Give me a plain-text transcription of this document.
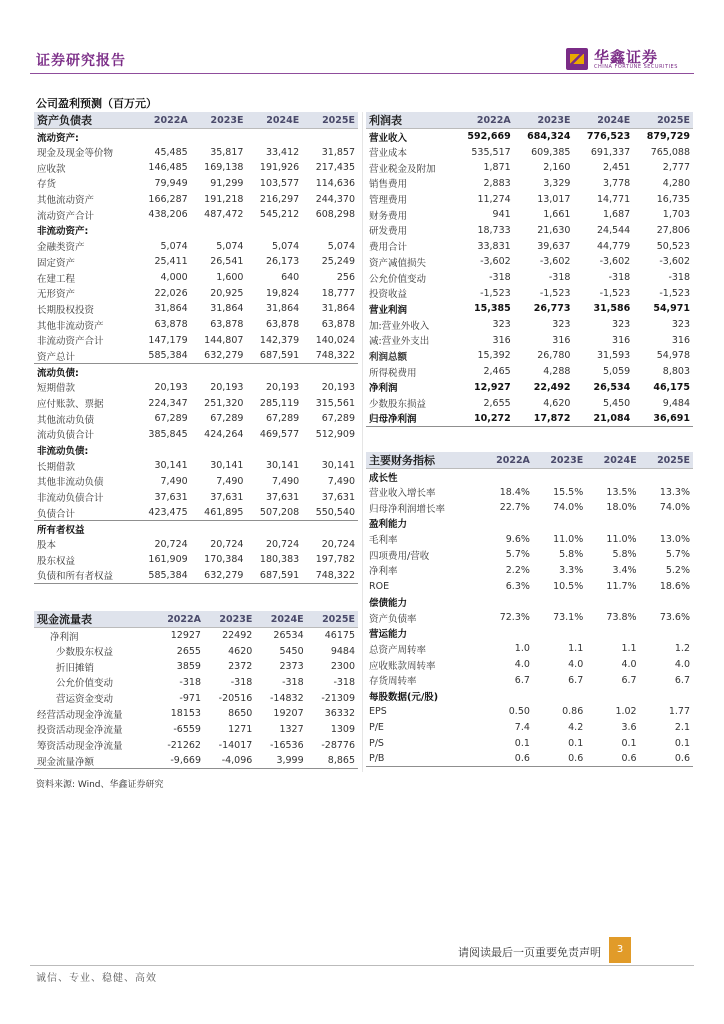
证券研究报告	华鑫证券
CHINA FORTUNE SECURITIES
公司盈利预测（百万元）
资产负债表	2022A	2023E	2024E	2025E
流动资产:				
现金及现金等价物	45,485	35,817	33,412	31,857
应收款	146,485	169,138	191,926	217,435
存货	79,949	91,299	103,577	114,636
其他流动资产	166,287	191,218	216,297	244,370
流动资产合计	438,206	487,472	545,212	608,298
非流动资产:				
金融类资产	5,074	5,074	5,074	5,074
固定资产	25,411	26,541	26,173	25,249
在建工程	4,000	1,600	640	256
无形资产	22,026	20,925	19,824	18,777
长期股权投资	31,864	31,864	31,864	31,864
其他非流动资产	63,878	63,878	63,878	63,878
非流动资产合计	147,179	144,807	142,379	140,024
资产总计	585,384	632,279	687,591	748,322
流动负债:				
短期借款	20,193	20,193	20,193	20,193
应付账款、票据	224,347	251,320	285,119	315,561
其他流动负债	67,289	67,289	67,289	67,289
流动负债合计	385,845	424,264	469,577	512,909
非流动负债:				
长期借款	30,141	30,141	30,141	30,141
其他非流动负债	7,490	7,490	7,490	7,490
非流动负债合计	37,631	37,631	37,631	37,631
负债合计	423,475	461,895	507,208	550,540
所有者权益				
股本	20,724	20,724	20,724	20,724
股东权益	161,909	170,384	180,383	197,782
负债和所有者权益	585,384	632,279	687,591	748,322
利润表	2022A	2023E	2024E	2025E
营业收入	592,669	684,324	776,523	879,729
营业成本	535,517	609,385	691,337	765,088
营业税金及附加	1,871	2,160	2,451	2,777
销售费用	2,883	3,329	3,778	4,280
管理费用	11,274	13,017	14,771	16,735
财务费用	941	1,661	1,687	1,703
研发费用	18,733	21,630	24,544	27,806
费用合计	33,831	39,637	44,779	50,523
资产减值损失	-3,602	-3,602	-3,602	-3,602
公允价值变动	-318	-318	-318	-318
投资收益	-1,523	-1,523	-1,523	-1,523
营业利润	15,385	26,773	31,586	54,971
加:营业外收入	323	323	323	323
减:营业外支出	316	316	316	316
利润总额	15,392	26,780	31,593	54,978
所得税费用	2,465	4,288	5,059	8,803
净利润	12,927	22,492	26,534	46,175
少数股东损益	2,655	4,620	5,450	9,484
归母净利润	10,272	17,872	21,084	36,691
主要财务指标	2022A	2023E	2024E	2025E
成长性				
营业收入增长率	18.4%	15.5%	13.5%	13.3%
归母净利润增长率	22.7%	74.0%	18.0%	74.0%
盈利能力				
毛利率	9.6%	11.0%	11.0%	13.0%
四项费用/营收	5.7%	5.8%	5.8%	5.7%
净利率	2.2%	3.3%	3.4%	5.2%
ROE	6.3%	10.5%	11.7%	18.6%
偿债能力				
资产负债率	72.3%	73.1%	73.8%	73.6%
营运能力				
总资产周转率	1.0	1.1	1.1	1.2
应收账款周转率	4.0	4.0	4.0	4.0
存货周转率	6.7	6.7	6.7	6.7
每股数据(元/股)				
EPS	0.50	0.86	1.02	1.77
P/E	7.4	4.2	3.6	2.1
P/S	0.1	0.1	0.1	0.1
P/B	0.6	0.6	0.6	0.6
现金流量表	2022A	2023E	2024E	2025E
净利润	12927	22492	26534	46175
少数股东权益	2655	4620	5450	9484
折旧摊销	3859	2372	2373	2300
公允价值变动	-318	-318	-318	-318
营运资金变动	-971	-20516	-14832	-21309
经营活动现金净流量	18153	8650	19207	36332
投资活动现金净流量	-6559	1271	1327	1309
筹资活动现金净流量	-21262	-14017	-16536	-28776
现金流量净额	-9,669	-4,096	3,999	8,865
资料来源: Wind、华鑫证券研究
请阅读最后一页重要免责声明	3
诚信、专业、稳健、高效
